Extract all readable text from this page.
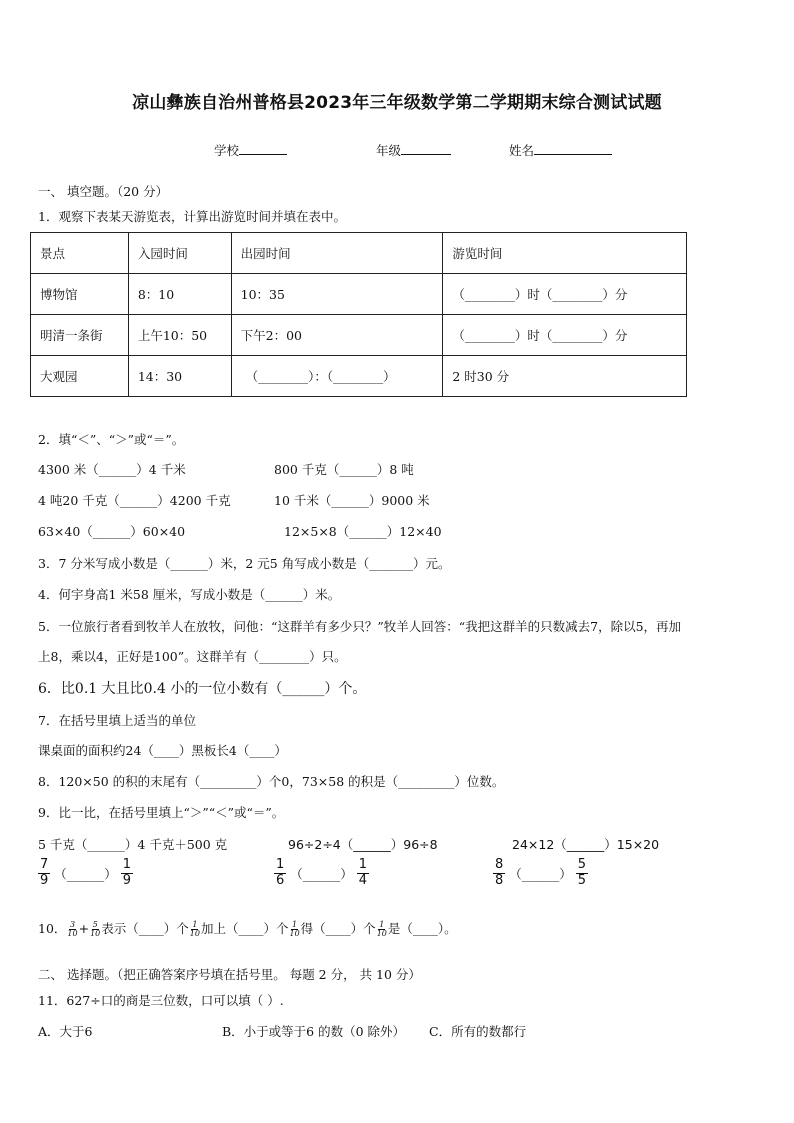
凉山彝族自治州普格县2023年三年级数学第二学期期末综合测试试题
学校	年级	姓名
一、 填空题。（20 分）
1．观察下表某天游览表，计算出游览时间并填在表中。
景点	入园时间	出园时间	游览时间
博物馆	8：10	10：35	（________）时（________）分
明清一条街	上午10：50	下午2：00	（________）时（________）分
大观园	14：30	（________）：（________）	2 时30 分
2．填“＜”、“＞”或“＝”。
4300 米（______）4 千米	800 千克（______）8 吨
4 吨20 千克（______）4200 千克	10 千米（______）9000 米
63×40（______）60×40	12×5×8（______）12×40
3．7 分米写成小数是（______）米，2 元5 角写成小数是（_______）元。
4．何宇身高1 米58 厘米，写成小数是（______）米。
5．一位旅行者看到牧羊人在放牧，问他：“这群羊有多少只？”牧羊人回答：“我把这群羊的只数减去7，除以5，再加
上8，乘以4，正好是100”。这群羊有（________）只。
6．比0.1 大且比0.4 小的一位小数有（______）个。
7．在括号里填上适当的单位
课桌面的面积约24（____）黑板长4（____）
8．120×50 的积的末尾有（_________）个0，73×58 的积是（_________）位数。
9．比一比，在括号里填上“＞”“＜”或“＝”。
5 千克（______）4 千克＋500 克	96÷2÷4（______）96÷8	24×12（______）15×20
$\frac{7}{9}$ （______） $\frac{1}{9}$	$\frac{1}{6}$ （______） $\frac{1}{4}$	$\frac{8}{8}$ （______） $\frac{5}{5}$
10． $\frac{3}{10} + \frac{5}{10}$ 表示（____）个 $\frac{1}{10}$ 加上（____）个 $\frac{1}{10}$ 得（____）个 $\frac{1}{10}$ 是（____）。
二、 选择题。（把正确答案序号填在括号里。 每题 2 分， 共 10 分）
11．627÷口的商是三位数，口可以填（ ）.
A．大于6	B．小于或等于6 的数（0 除外） C．所有的数都行
